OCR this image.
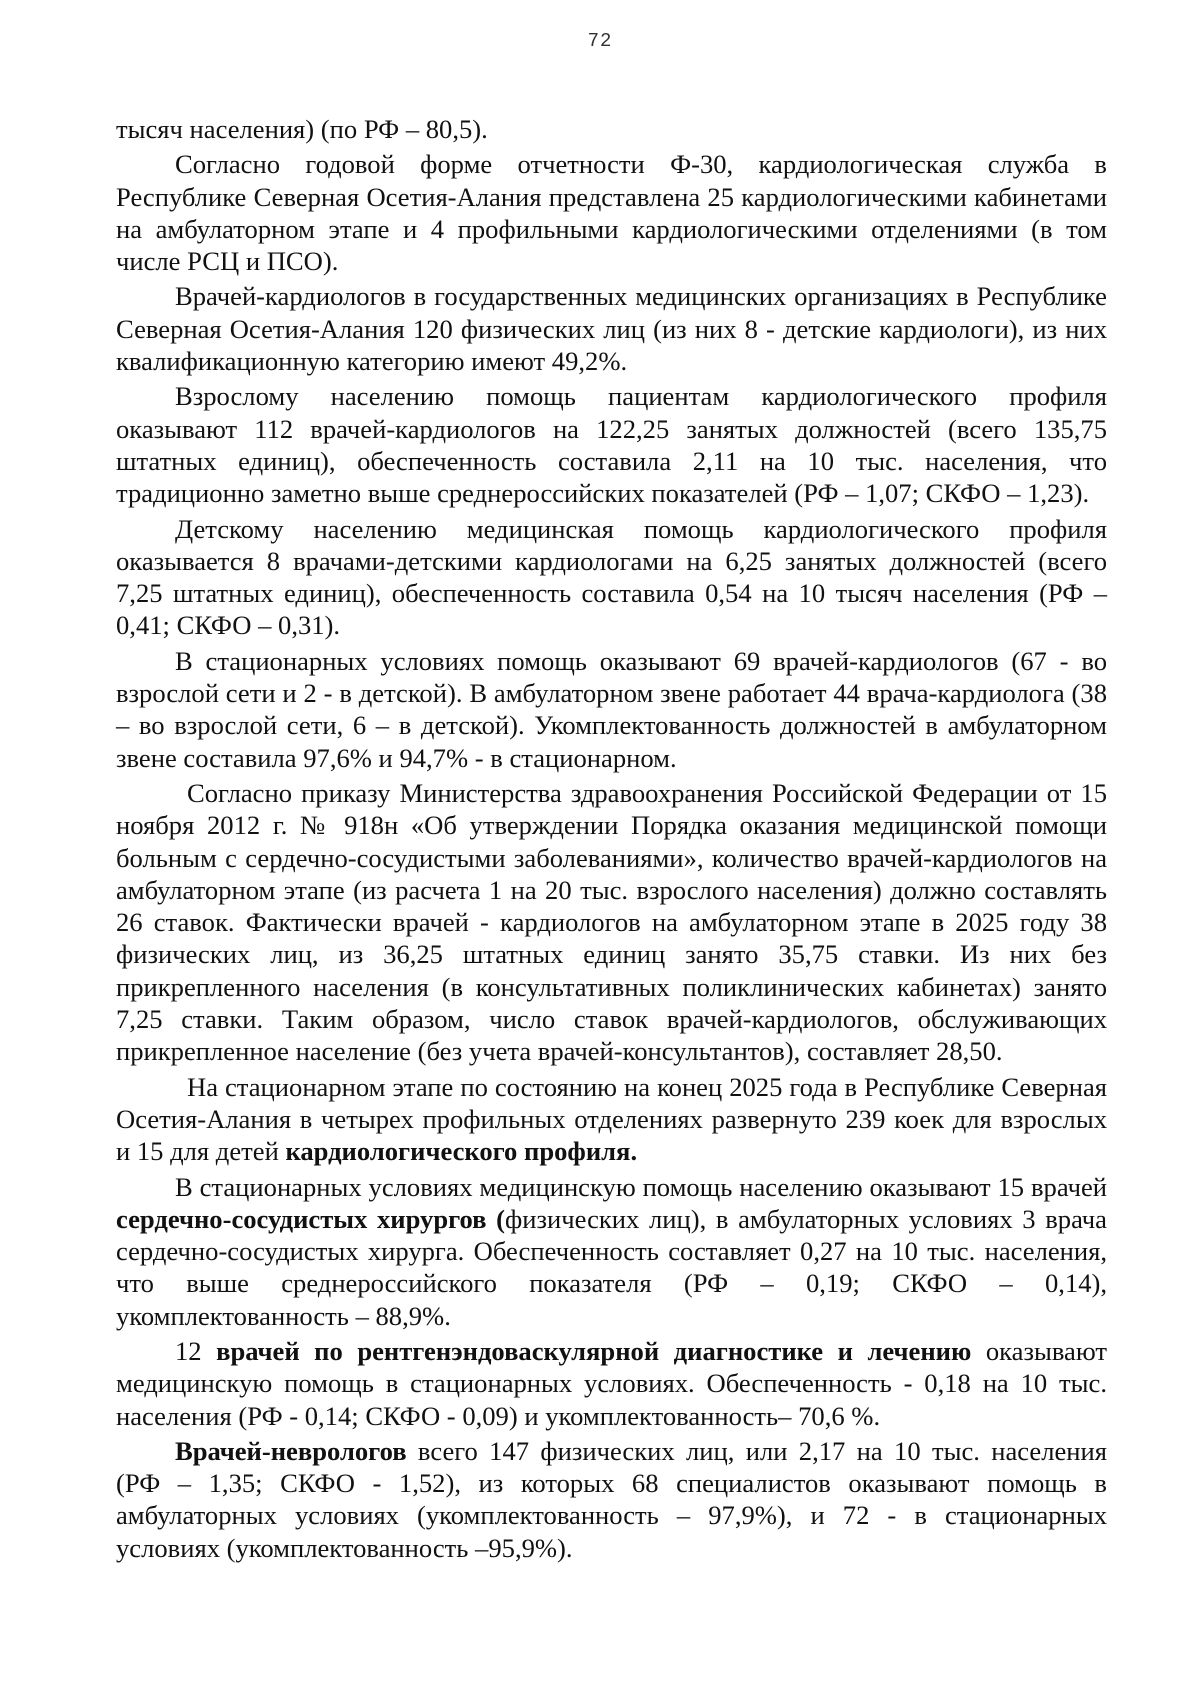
72

тысяч населения) (по РФ – 80,5).

Согласно годовой форме отчетности Ф-30, кардиологическая служба в Республике Северная Осетия-Алания представлена 25 кардиологическими кабинетами на амбулаторном этапе и 4 профильными кардиологическими отделениями (в том числе РСЦ и ПСО).

Врачей-кардиологов в государственных медицинских организациях в Республике Северная Осетия-Алания 120 физических лиц (из них 8 - детские кардиологи), из них квалификационную категорию имеют 49,2%.

Взрослому населению помощь пациентам кардиологического профиля оказывают 112 врачей-кардиологов на 122,25 занятых должностей (всего 135,75 штатных единиц), обеспеченность составила 2,11 на 10 тыс. населения, что традиционно заметно выше среднероссийских показателей (РФ – 1,07; СКФО – 1,23).

Детскому населению медицинская помощь кардиологического профиля оказывается 8 врачами-детскими кардиологами на 6,25 занятых должностей (всего 7,25 штатных единиц), обеспеченность составила 0,54 на 10 тысяч населения (РФ – 0,41; СКФО – 0,31).

В стационарных условиях помощь оказывают 69 врачей-кардиологов (67 - во взрослой сети и 2 - в детской). В амбулаторном звене работает 44 врача-кардиолога (38 – во взрослой сети, 6 – в детской). Укомплектованность должностей в амбулаторном звене составила 97,6% и 94,7% - в стационарном.

Согласно приказу Министерства здравоохранения Российской Федерации от 15 ноября 2012 г. № 918н «Об утверждении Порядка оказания медицинской помощи больным с сердечно-сосудистыми заболеваниями», количество врачей-кардиологов на амбулаторном этапе (из расчета 1 на 20 тыс. взрослого населения) должно составлять 26 ставок. Фактически врачей - кардиологов на амбулаторном этапе в 2025 году 38 физических лиц, из 36,25 штатных единиц занято 35,75 ставки. Из них без прикрепленного населения (в консультативных поликлинических кабинетах) занято 7,25 ставки. Таким образом, число ставок врачей-кардиологов, обслуживающих прикрепленное население (без учета врачей-консультантов), составляет 28,50.

На стационарном этапе по состоянию на конец 2025 года в Республике Северная Осетия-Алания в четырех профильных отделениях развернуто 239 коек для взрослых и 15 для детей кардиологического профиля.

В стационарных условиях медицинскую помощь населению оказывают 15 врачей сердечно-сосудистых хирургов (физических лиц), в амбулаторных условиях 3 врача сердечно-сосудистых хирурга. Обеспеченность составляет 0,27 на 10 тыс. населения, что выше среднероссийского показателя (РФ – 0,19; СКФО – 0,14), укомплектованность – 88,9%.

12 врачей по рентгенэндоваскулярной диагностике и лечению оказывают медицинскую помощь в стационарных условиях. Обеспеченность - 0,18 на 10 тыс. населения (РФ - 0,14; СКФО - 0,09) и укомплектованность– 70,6 %.

Врачей-неврологов всего 147 физических лиц, или 2,17 на 10 тыс. населения (РФ – 1,35; СКФО - 1,52), из которых 68 специалистов оказывают помощь в амбулаторных условиях (укомплектованность – 97,9%), и 72 - в стационарных условиях (укомплектованность –95,9%).
